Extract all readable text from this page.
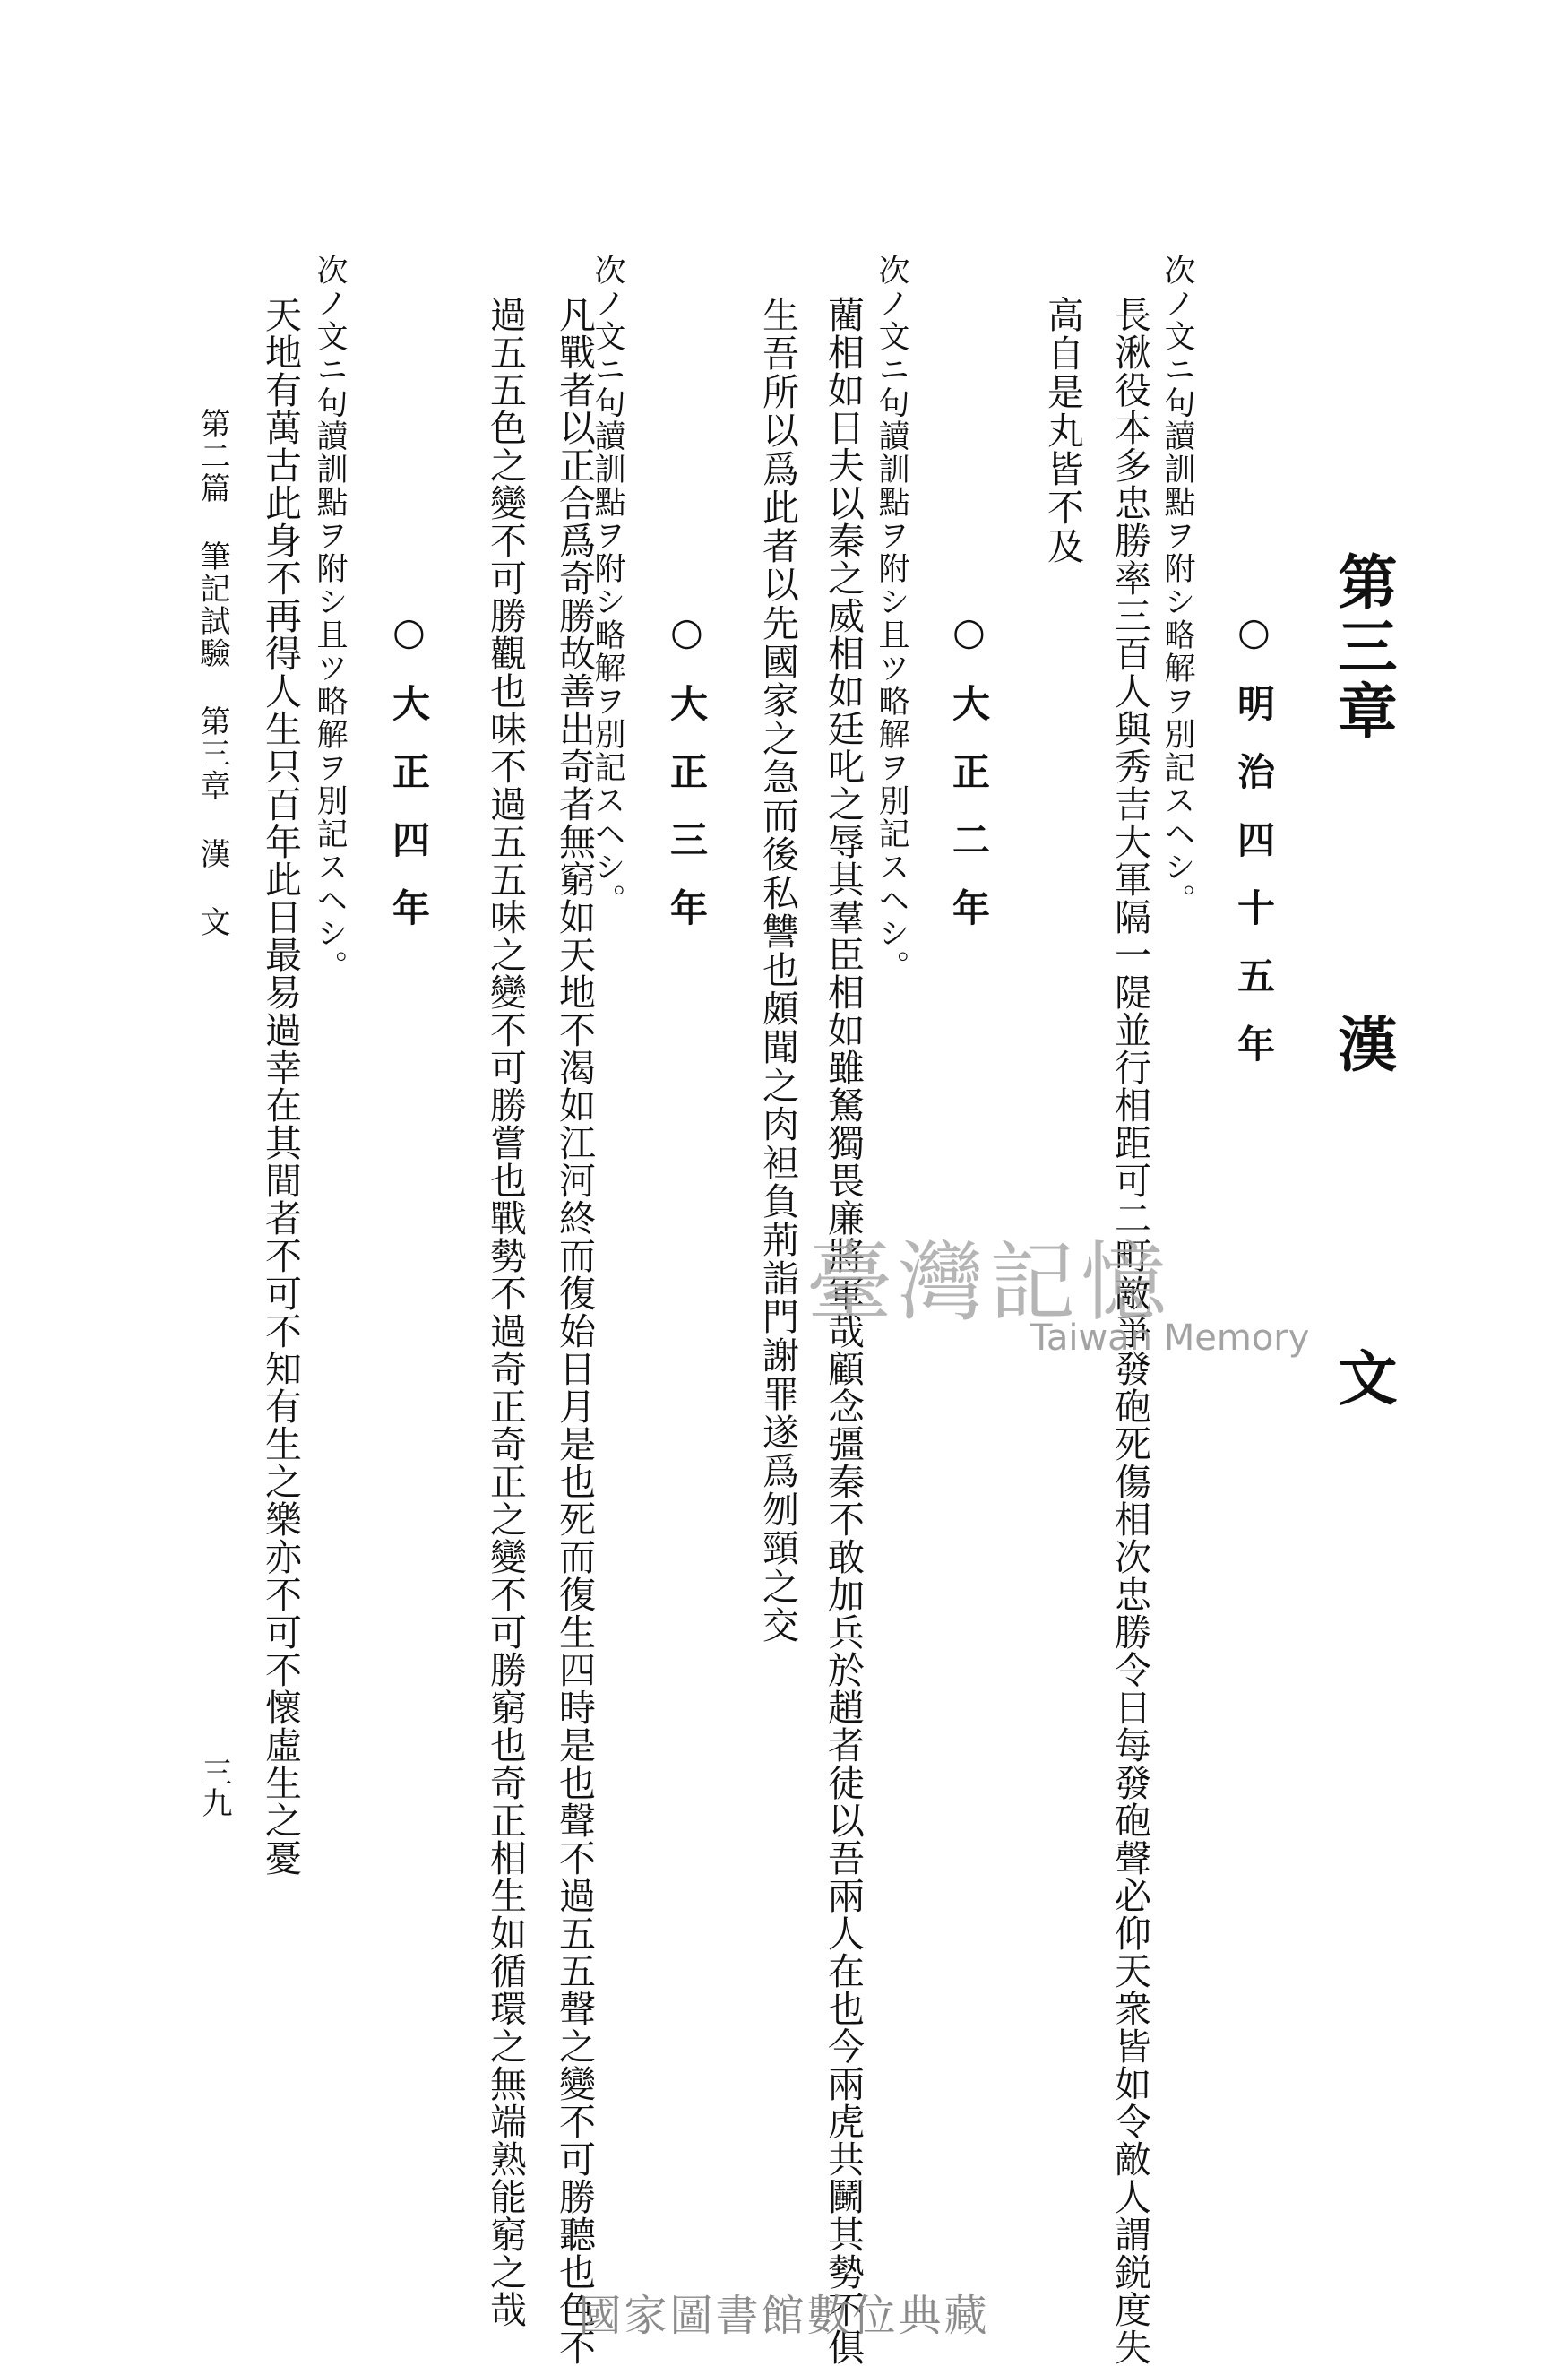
第三章漢文
○明治四十五年
次ノ文ニ句讀訓點ヲ附シ略解ヲ別記スヘシ。
長湫役本多忠勝率三百人與秀吉大軍隔一隄並行相距可二町敵爭發砲死傷相次忠勝令日每發砲聲必仰天衆皆如令敵人謂鋭度失
高自是丸皆不及
○大正二年
次ノ文ニ句讀訓點ヲ附シ且ツ略解ヲ別記スヘシ。
藺相如日夫以秦之威相如廷叱之辱其羣臣相如雖駑獨畏廉將軍哉顧念彊秦不敢加兵於趙者徒以吾兩人在也今兩虎共鬭其勢不俱
生吾所以爲此者以先國家之急而後私讐也頗聞之肉袒負荊詣門謝罪遂爲刎頸之交
○大正三年
次ノ文ニ句讀訓點ヲ附シ略解ヲ別記スヘシ。
凡戰者以正合爲奇勝故善出奇者無窮如天地不渴如江河終而復始日月是也死而復生四時是也聲不過五五聲之變不可勝聽也色不
過五五色之變不可勝觀也味不過五五味之變不可勝嘗也戰勢不過奇正奇正之變不可勝窮也奇正相生如循環之無端熟能窮之哉
○大正四年
次ノ文ニ句讀訓點ヲ附シ且ツ略解ヲ別記スヘシ。
天地有萬古此身不再得人生只百年此日最易過幸在其間者不可不知有生之樂亦不可不懷虛生之憂
第二篇筆記試驗第三章漢文
三九
臺灣記憶
Taiwan Memory
國家圖書館數位典藏
